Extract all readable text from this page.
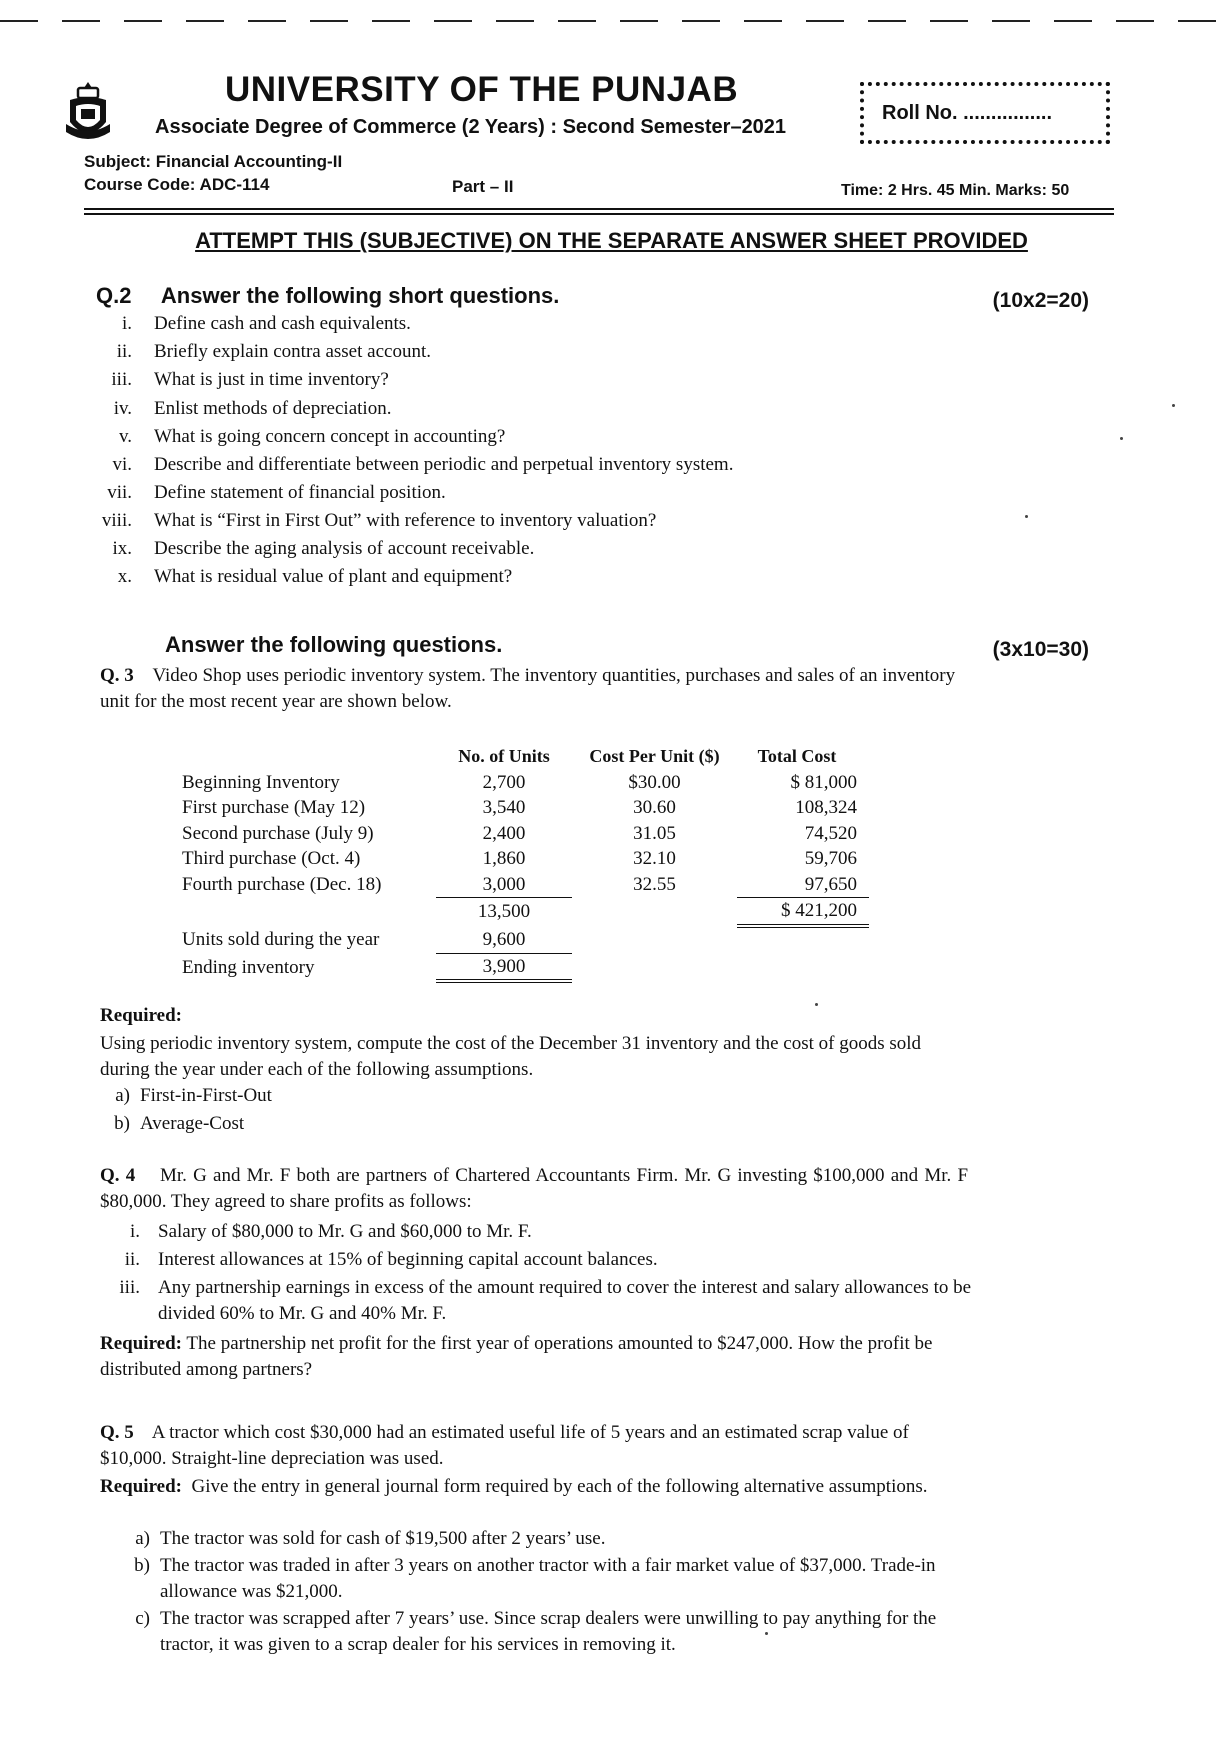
UNIVERSITY OF THE PUNJAB
Associate Degree of Commerce (2 Years) : Second Semester–2021
Roll No. ................
Subject: Financial Accounting-II
Course Code: ADC-114	Part – II	Time: 2 Hrs. 45 Min. Marks: 50
ATTEMPT THIS (SUBJECTIVE) ON THE SEPARATE ANSWER SHEET PROVIDED
Q.2 Answer the following short questions.	(10x2=20)
i. Define cash and cash equivalents.
ii. Briefly explain contra asset account.
iii. What is just in time inventory?
iv. Enlist methods of depreciation.
v. What is going concern concept in accounting?
vi. Describe and differentiate between periodic and perpetual inventory system.
vii. Define statement of financial position.
viii. What is “First in First Out” with reference to inventory valuation?
ix. Describe the aging analysis of account receivable.
x. What is residual value of plant and equipment?
Answer the following questions.	(3x10=30)
Q. 3 Video Shop uses periodic inventory system. The inventory quantities, purchases and sales of an inventory unit for the most recent year are shown below.
	No. of Units	Cost Per Unit ($)	Total Cost
Beginning Inventory	2,700	$30.00	$ 81,000
First purchase (May 12)	3,540	30.60	108,324
Second purchase (July 9)	2,400	31.05	74,520
Third purchase (Oct. 4)	1,860	32.10	59,706
Fourth purchase (Dec. 18)	3,000	32.55	97,650
	13,500		$ 421,200
Units sold during the year	9,600		
Ending inventory	3,900		
Required:
Using periodic inventory system, compute the cost of the December 31 inventory and the cost of goods sold during the year under each of the following assumptions.
a) First-in-First-Out
b) Average-Cost
Q. 4 Mr. G and Mr. F both are partners of Chartered Accountants Firm. Mr. G investing $100,000 and Mr. F $80,000. They agreed to share profits as follows:
i. Salary of $80,000 to Mr. G and $60,000 to Mr. F.
ii. Interest allowances at 15% of beginning capital account balances.
iii. Any partnership earnings in excess of the amount required to cover the interest and salary allowances to be divided 60% to Mr. G and 40% Mr. F.
Required: The partnership net profit for the first year of operations amounted to $247,000. How the profit be distributed among partners?
Q. 5 A tractor which cost $30,000 had an estimated useful life of 5 years and an estimated scrap value of $10,000. Straight-line depreciation was used.
Required: Give the entry in general journal form required by each of the following alternative assumptions.
a) The tractor was sold for cash of $19,500 after 2 years’ use.
b) The tractor was traded in after 3 years on another tractor with a fair market value of $37,000. Trade-in allowance was $21,000.
c) The tractor was scrapped after 7 years’ use. Since scrap dealers were unwilling to pay anything for the tractor, it was given to a scrap dealer for his services in removing it.
